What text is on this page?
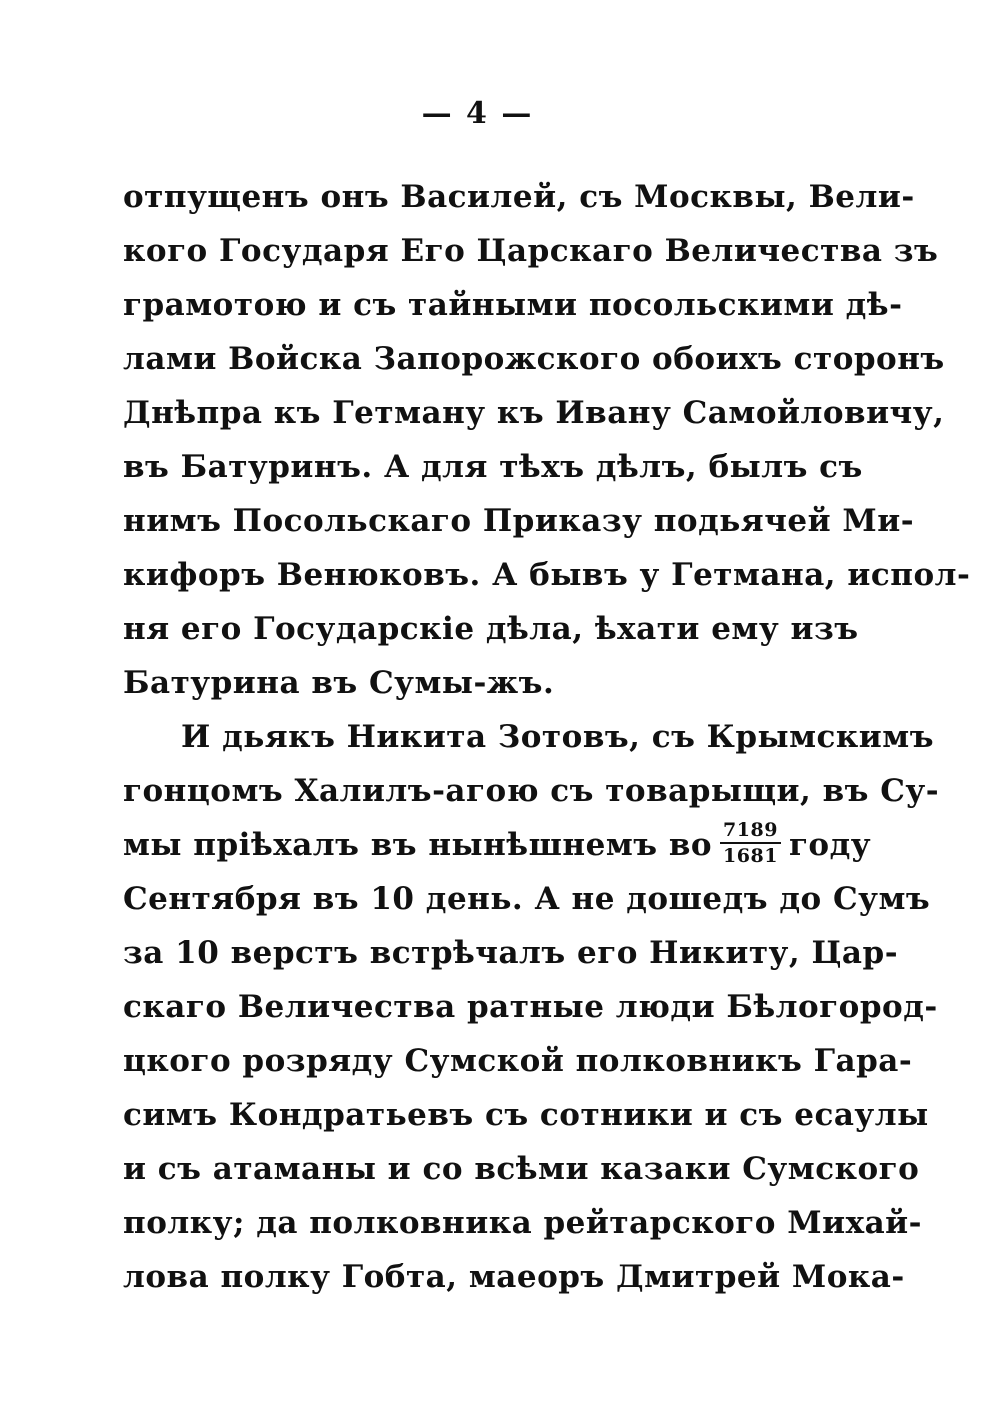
— 4 —
отпущенъ онъ Василей, съ Москвы, Вели-
кого Государя Его Царскаго Величества зъ
грамотою и съ тайными посольскими дѣ-
лами Войска Запорожского обоихъ сторонъ
Днѣпра къ Гетману къ Ивану Самойловичу,
въ Батуринъ. А для тѣхъ дѣлъ, былъ съ
нимъ Посольскаго Приказу подьячей Ми-
кифоръ Венюковъ. А бывъ у Гетмана, испол-
ня его Государскіе дѣла, ѣхати ему изъ
Батурина въ Сумы-жъ.
И дьякъ Никита Зотовъ, съ Крымскимъ
гонцомъ Халилъ-агою съ товарыщи, въ Су-
мы пріѣхалъ въ нынѣшнемъ во $\frac{7189}{1681}$ году
Сентября въ 10 день. А не дошедъ до Сумъ
за 10 верстъ встрѣчалъ его Никиту, Цар-
скаго Величества ратные люди Бѣлогород-
цкого розряду Сумской полковникъ Гара-
симъ Кондратьевъ съ сотники и съ есаулы
и съ атаманы и со всѣми казаки Сумского
полку; да полковника рейтарского Михай-
лова полку Гобта, маеоръ Дмитрей Мока-
